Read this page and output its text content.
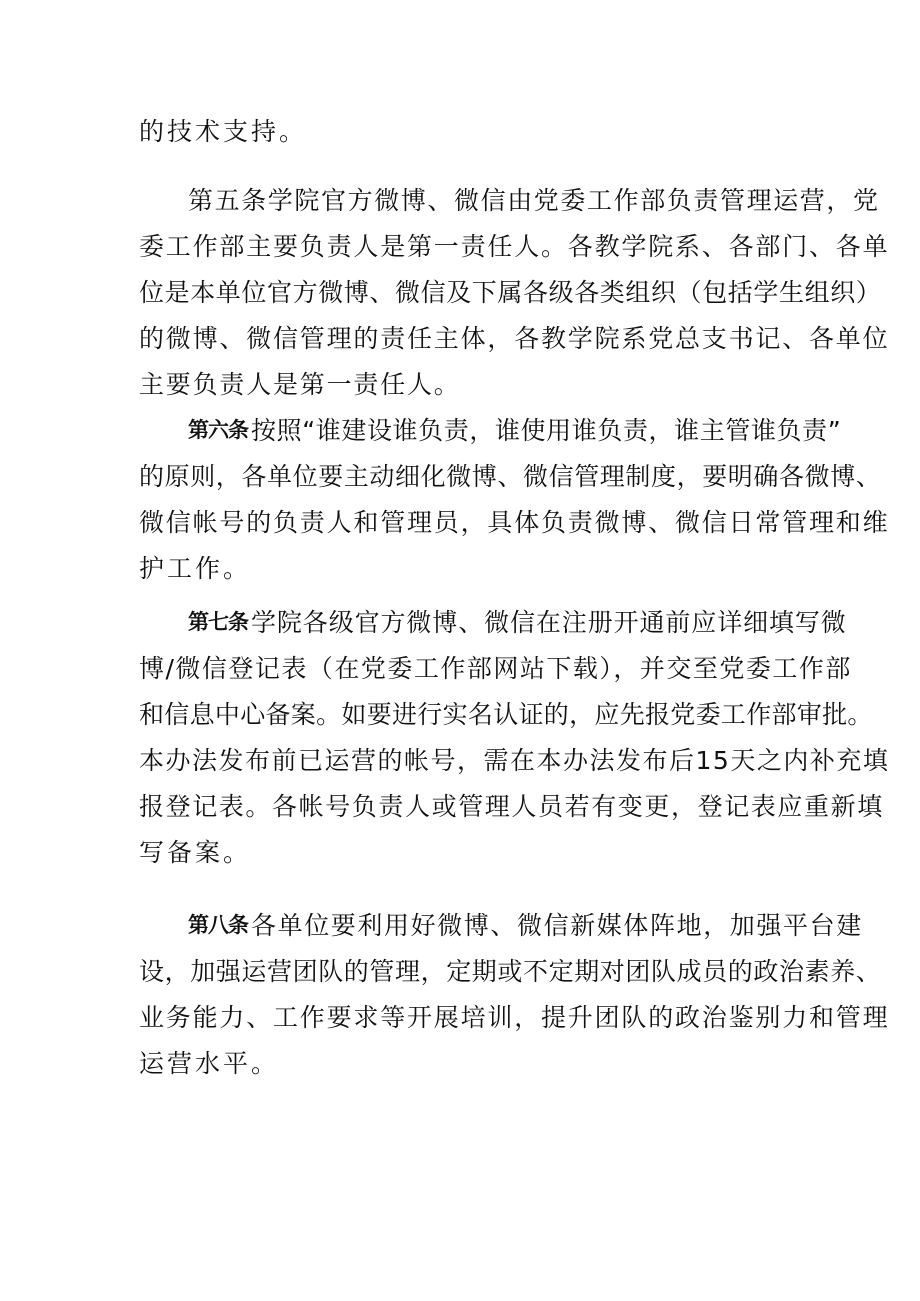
的技术支持。

第五条学院官方微博、微信由党委工作部负责管理运营，党

委工作部主要负责人是第一责任人。各教学院系、各部门、各单

位是本单位官方微博、微信及下属各级各类组织（包括学生组织）

的微博、微信管理的责任主体，各教学院系党总支书记、各单位

主要负责人是第一责任人。

第六条

按照“谁建设谁负责，谁使用谁负责，谁主管谁负责”

的原则，各单位要主动细化微博、微信管理制度，要明确各微博、

微信帐号的负责人和管理员，具体负责微博、微信日常管理和维

护工作。

第七条

学院各级官方微博、微信在注册开通前应详细填写微

博/微信登记表（在党委工作部网站下载），并交至党委工作部

和信息中心备案。如要进行实名认证的，应先报党委工作部审批。

本办法发布前已运营的帐号，需在本办法发布后15天之内补充填

报登记表。各帐号负责人或管理人员若有变更，登记表应重新填

写备案。

第八条

各单位要利用好微博、微信新媒体阵地，加强平台建

设，加强运营团队的管理，定期或不定期对团队成员的政治素养、

业务能力、工作要求等开展培训，提升团队的政治鉴别力和管理

运营水平。
